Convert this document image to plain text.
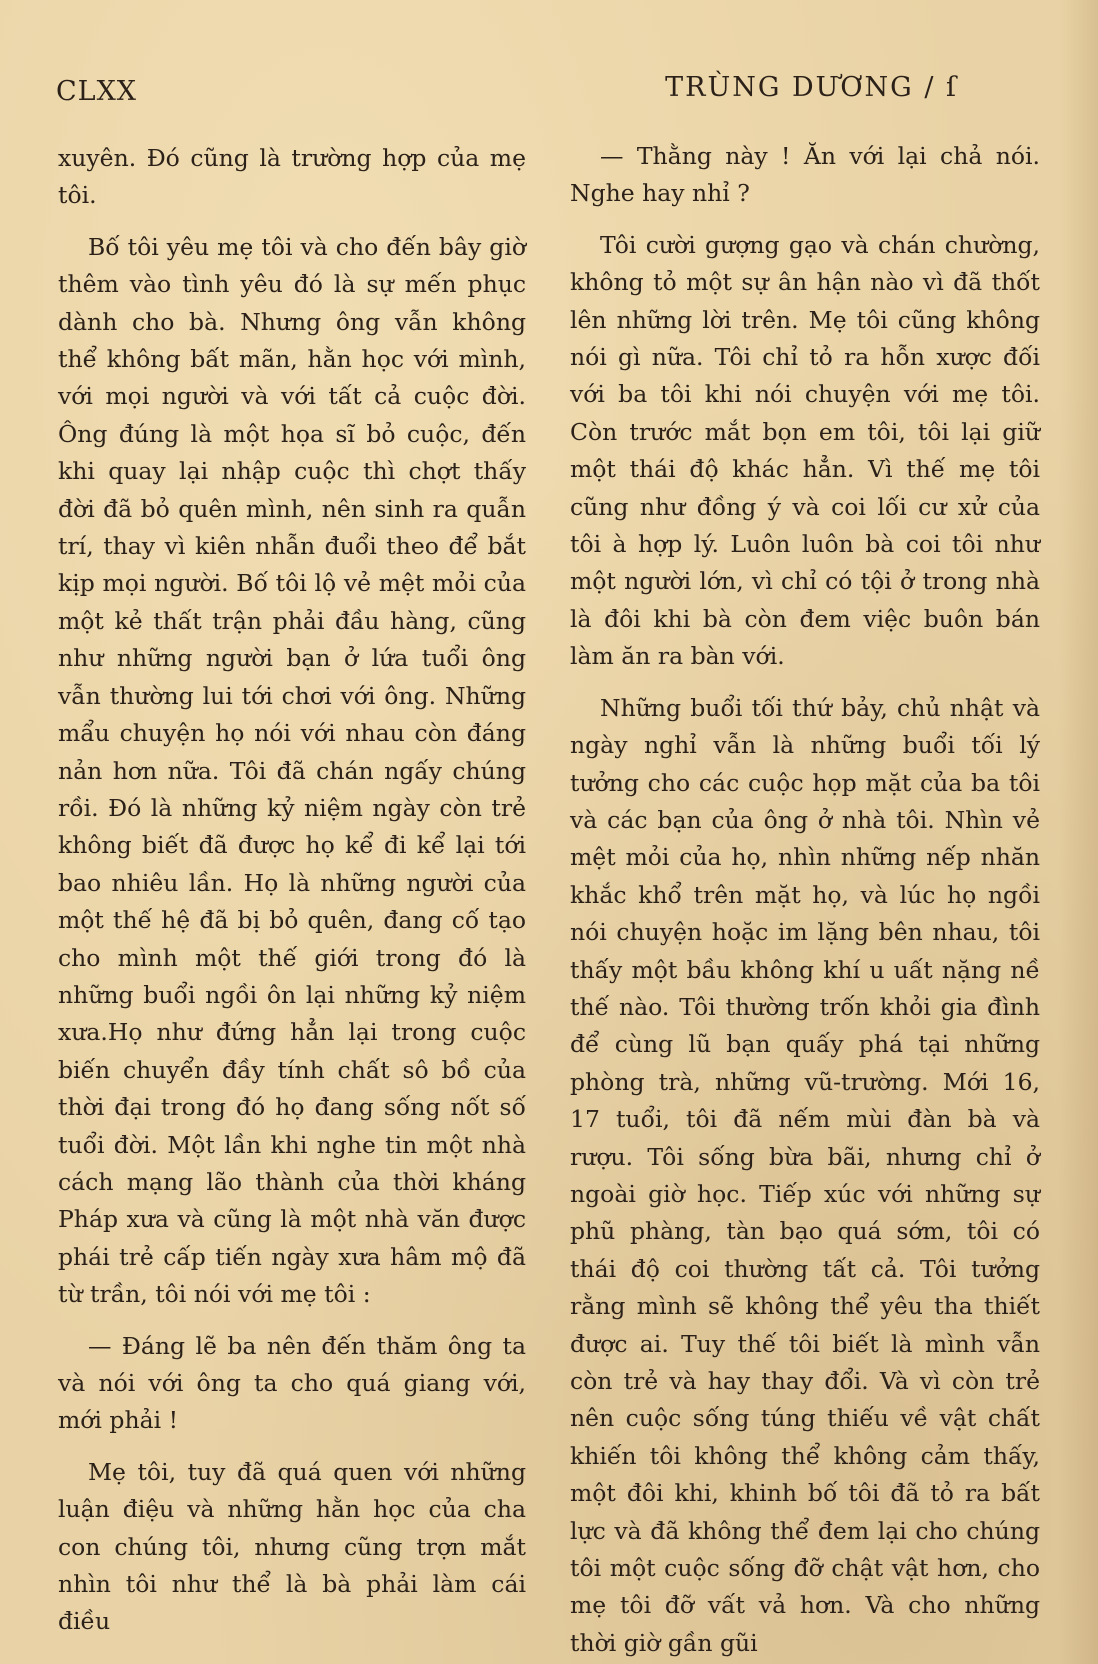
CLXX	TRÙNG DƯƠNG / ſ

xuyên. Đó cũng là trường hợp của mẹ tôi.

Bố tôi yêu mẹ tôi và cho đến bây giờ thêm vào tình yêu đó là sự mến phục dành cho bà. Nhưng ông vẫn không thể không bất mãn, hằn học với mình, với mọi người và với tất cả cuộc đời. Ông đúng là một họa sĩ bỏ cuộc, đến khi quay lại nhập cuộc thì chợt thấy đời đã bỏ quên mình, nên sinh ra quẫn trí, thay vì kiên nhẫn đuổi theo để bắt kịp mọi người. Bố tôi lộ vẻ mệt mỏi của một kẻ thất trận phải đầu hàng, cũng như những người bạn ở lứa tuổi ông vẫn thường lui tới chơi với ông. Những mẩu chuyện họ nói với nhau còn đáng nản hơn nữa. Tôi đã chán ngấy chúng rồi. Đó là những kỷ niệm ngày còn trẻ không biết đã được họ kể đi kể lại tới bao nhiêu lần. Họ là những người của một thế hệ đã bị bỏ quên, đang cố tạo cho mình một thế giới trong đó là những buổi ngồi ôn lại những kỷ niệm xưa.Họ như đứng hẳn lại trong cuộc biến chuyển đầy tính chất sô bồ của thời đại trong đó họ đang sống nốt số tuổi đời. Một lần khi nghe tin một nhà cách mạng lão thành của thời kháng Pháp xưa và cũng là một nhà văn được phái trẻ cấp tiến ngày xưa hâm mộ đã từ trần, tôi nói với mẹ tôi :

— Đáng lẽ ba nên đến thăm ông ta và nói với ông ta cho quá giang với, mới phải !

Mẹ tôi, tuy đã quá quen với những luận điệu và những hằn học của cha con chúng tôi, nhưng cũng trợn mắt nhìn tôi như thể là bà phải làm cái điều

— Thằng này ! Ăn với lại chả nói. Nghe hay nhỉ ?

Tôi cười gượng gạo và chán chường, không tỏ một sự ân hận nào vì đã thốt lên những lời trên. Mẹ tôi cũng không nói gì nữa. Tôi chỉ tỏ ra hỗn xược đối với ba tôi khi nói chuyện với mẹ tôi. Còn trước mắt bọn em tôi, tôi lại giữ một thái độ khác hẳn. Vì thế mẹ tôi cũng như đồng ý và coi lối cư xử của tôi à hợp lý. Luôn luôn bà coi tôi như một người lớn, vì chỉ có tội ở trong nhà là đôi khi bà còn đem việc buôn bán làm ăn ra bàn với.

Những buổi tối thứ bảy, chủ nhật và ngày nghỉ vẫn là những buổi tối lý tưởng cho các cuộc họp mặt của ba tôi và các bạn của ông ở nhà tôi. Nhìn vẻ mệt mỏi của họ, nhìn những nếp nhăn khắc khổ trên mặt họ, và lúc họ ngồi nói chuyện hoặc im lặng bên nhau, tôi thấy một bầu không khí u uất nặng nề thế nào. Tôi thường trốn khỏi gia đình để cùng lũ bạn quấy phá tại những phòng trà, những vũ-trường. Mới 16, 17 tuổi, tôi đã nếm mùi đàn bà và rượu. Tôi sống bừa bãi, nhưng chỉ ở ngoài giờ học. Tiếp xúc với những sự phũ phàng, tàn bạo quá sớm, tôi có thái độ coi thường tất cả. Tôi tưởng rằng mình sẽ không thể yêu tha thiết được ai. Tuy thế tôi biết là mình vẫn còn trẻ và hay thay đổi. Và vì còn trẻ nên cuộc sống túng thiếu về vật chất khiến tôi không thể không cảm thấy, một đôi khi, khinh bố tôi đã tỏ ra bất lực và đã không thể đem lại cho chúng tôi một cuộc sống đỡ chật vật hơn, cho mẹ tôi đỡ vất vả hơn. Và cho những thời giờ gần gũi
